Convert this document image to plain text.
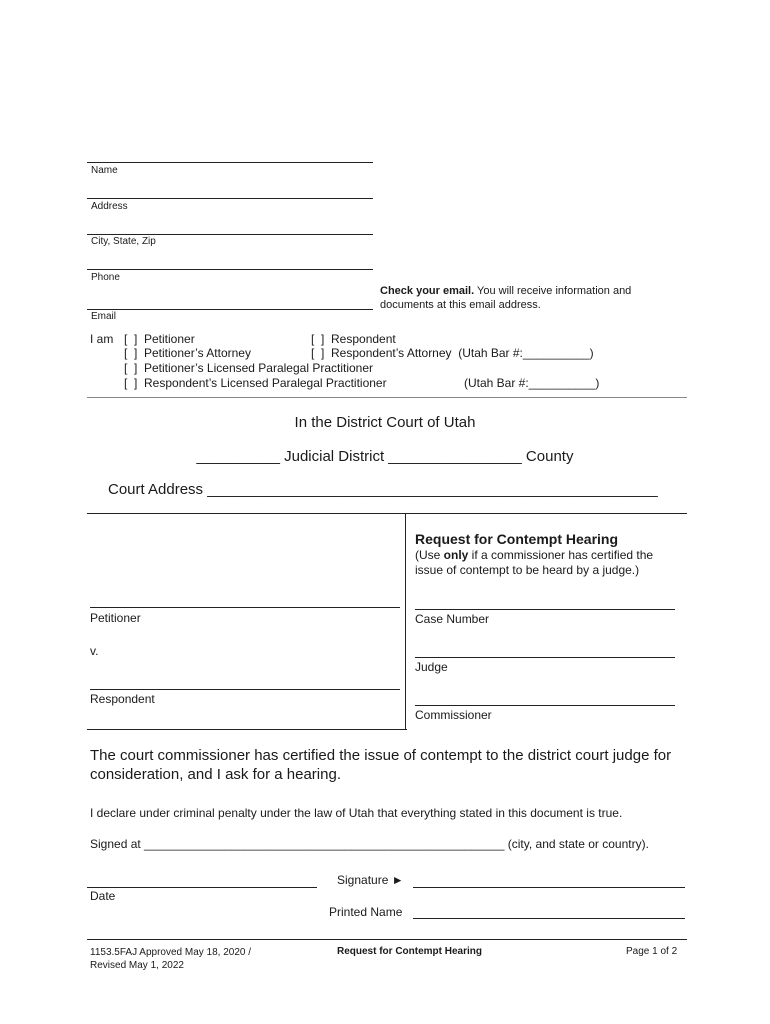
Name
Address
City, State, Zip
Phone
Check your email. You will receive information and
documents at this email address.
Email
I am [  ]  Petitioner	[  ]  Respondent
[  ]  Petitioner’s Attorney	[  ]  Respondent’s Attorney  (Utah Bar #:__________)
[  ]  Petitioner’s Licensed Paralegal Practitioner
[  ]  Respondent’s Licensed Paralegal Practitioner	(Utah Bar #:__________)
In the District Court of Utah
__________ Judicial District ________________ County
Court Address ______________________________________________________
Request for Contempt Hearing
(Use only if a commissioner has certified the
issue of contempt to be heard by a judge.)
Petitioner
v.
Respondent
Case Number
Judge
Commissioner
The court commissioner has certified the issue of contempt to the district court judge for
consideration, and I ask for a hearing.
I declare under criminal penalty under the law of Utah that everything stated in this document is true.
Signed at ______________________________________________________ (city, and state or country).
Signature ►
Date
Printed Name
1153.5FAJ Approved May 18, 2020 /
Revised May 1, 2022
Request for Contempt Hearing	Page 1 of 2
